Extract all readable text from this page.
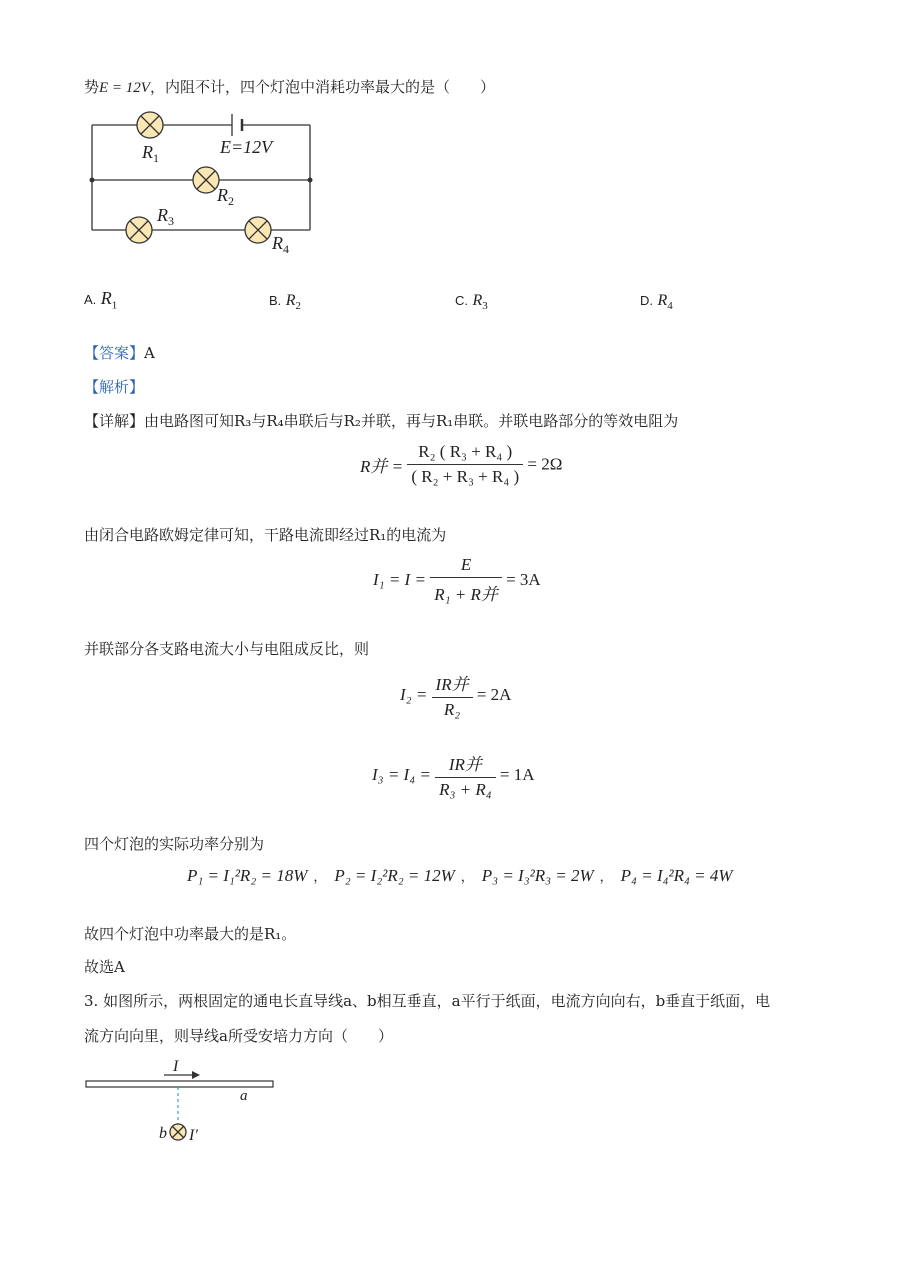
势E = 12V，内阻不计，四个灯泡中消耗功率最大的是（　　）
$R_1$
E=12V
$R_2$
$R_3$
$R_4$
A. $R_1$	B. $R_2$	C. $R_3$	D. $R_4$
【答案】A
【解析】
【详解】由电路图可知R₃与R₄串联后与R₂并联，再与R₁串联。并联电路部分的等效电阻为
R并 = $\frac{\text{R₂ ( R₃ + R₄ )}}{\text{( R₂ + R₃ + R₄ )}} = 2\Omega$
由闭合电路欧姆定律可知，干路电流即经过R₁的电流为
$I_1 = I = \frac{E}{\text{R₁ + R并}} = 3A$
并联部分各支路电流大小与电阻成反比，则
$I_2 = \frac{\text{IR并}}{\text{R₂}} = 2A$
$I_3 = I_4 = \frac{\text{IR并}}{\text{R₃ + R₄}} = 1A$
四个灯泡的实际功率分别为
P₁ = I₁²R₂ = 18W ， P₂ = I₂²R₂ = 12W ， P₃ = I₃²R₃ = 2W ， P₄ = I₄²R₄ = 4W
故四个灯泡中功率最大的是R₁。
故选A
3. 如图所示，两根固定的通电长直导线a、b相互垂直，a平行于纸面，电流方向向右，b垂直于纸面，电
流方向向里，则导线a所受安培力方向（　　）
I
a
b I′
